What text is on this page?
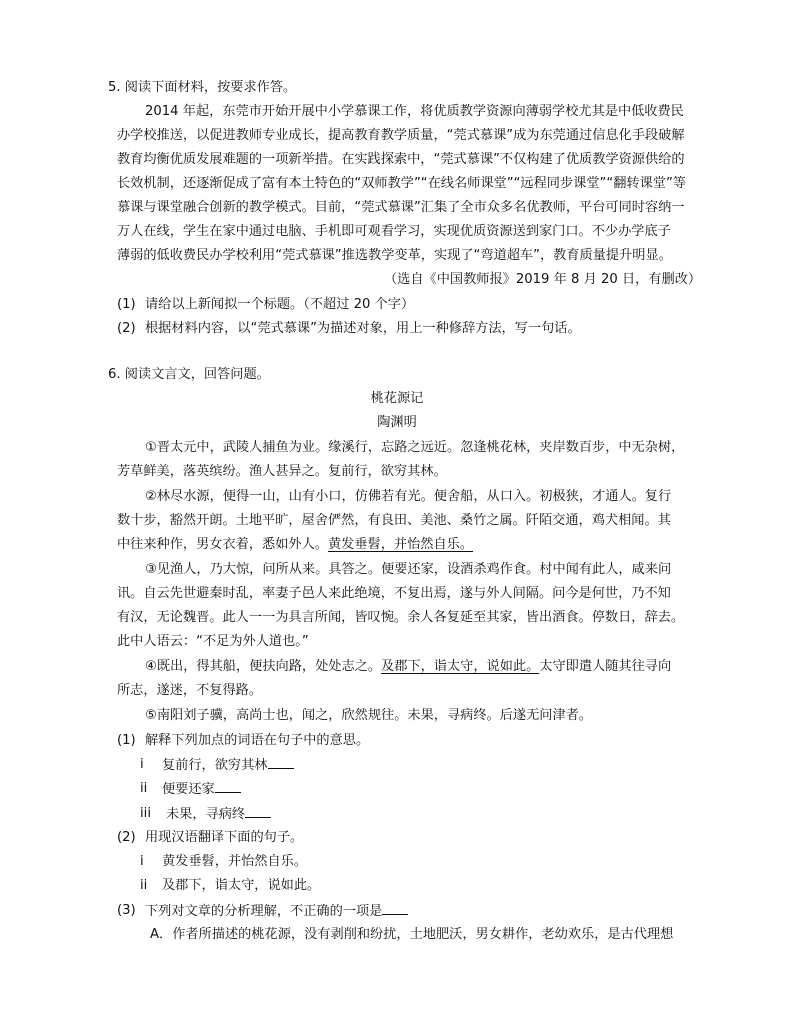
5. 阅读下面材料，按要求作答。
2014 年起，东莞市开始开展中小学慕课工作，将优质教学资源向薄弱学校尤其是中低收费民
办学校推送，以促进教师专业成长，提高教育教学质量，“莞式慕课”成为东莞通过信息化手段破解
教育均衡优质发展难题的一项新举措。在实践探索中，“莞式慕课”不仅构建了优质教学资源供给的
长效机制，还逐渐促成了富有本土特色的“双师教学”“在线名师课堂”“远程同步课堂”“翻转课堂”等
慕课与课堂融合创新的教学模式。目前，“莞式慕课”汇集了全市众多名优教师，平台可同时容纳一
万人在线，学生在家中通过电脑、手机即可观看学习，实现优质资源送到家门口。不少办学底子
薄弱的低收费民办学校利用“莞式慕课”推选教学变革，实现了“弯道超车”，教育质量提升明显。
（选自《中国教师报》2019 年 8 月 20 日，有删改）
(1) 请给以上新闻拟一个标题。（不超过 20 个字）
(2) 根据材料内容，以“莞式慕课”为描述对象，用上一种修辞方法，写一句话。
6. 阅读文言文，回答问题。
桃花源记
陶渊明
①晋太元中，武陵人捕鱼为业。缘溪行，忘路之远近。忽逢桃花林，夹岸数百步，中无杂树，
芳草鲜美，落英缤纷。渔人甚异之。复前行，欲穷其林。
②林尽水源，便得一山，山有小口，仿佛若有光。便舍船，从口入。初极狭，才通人。复行
数十步，豁然开朗。土地平旷，屋舍俨然，有良田、美池、桑竹之属。阡陌交通，鸡犬相闻。其
中往来种作，男女衣着，悉如外人。黄发垂髫，并怡然自乐。
③见渔人，乃大惊，问所从来。具答之。便要还家，设酒杀鸡作食。村中闻有此人，咸来问
讯。自云先世避秦时乱，率妻子邑人来此绝境，不复出焉，遂与外人间隔。问今是何世，乃不知
有汉，无论魏晋。此人一一为具言所闻，皆叹惋。余人各复延至其家，皆出酒食。停数日，辞去。
此中人语云：“不足为外人道也。”
④既出，得其船，便扶向路，处处志之。及郡下，诣太守，说如此。太守即遣人随其往寻向
所志，遂迷，不复得路。
⑤南阳刘子骥，高尚士也，闻之，欣然规往。未果，寻病终。后遂无问津者。
(1) 解释下列加点的词语在句子中的意思。
i 复前行，欲穷其林
ii 便要还家
iii 未果，寻病终
(2) 用现汉语翻译下面的句子。
i 黄发垂髫，并怡然自乐。
ii 及郡下，诣太守，说如此。
(3) 下列对文章的分析理解，不正确的一项是
A．作者所描述的桃花源，没有剥削和纷扰，土地肥沃，男女耕作，老幼欢乐，是古代理想
